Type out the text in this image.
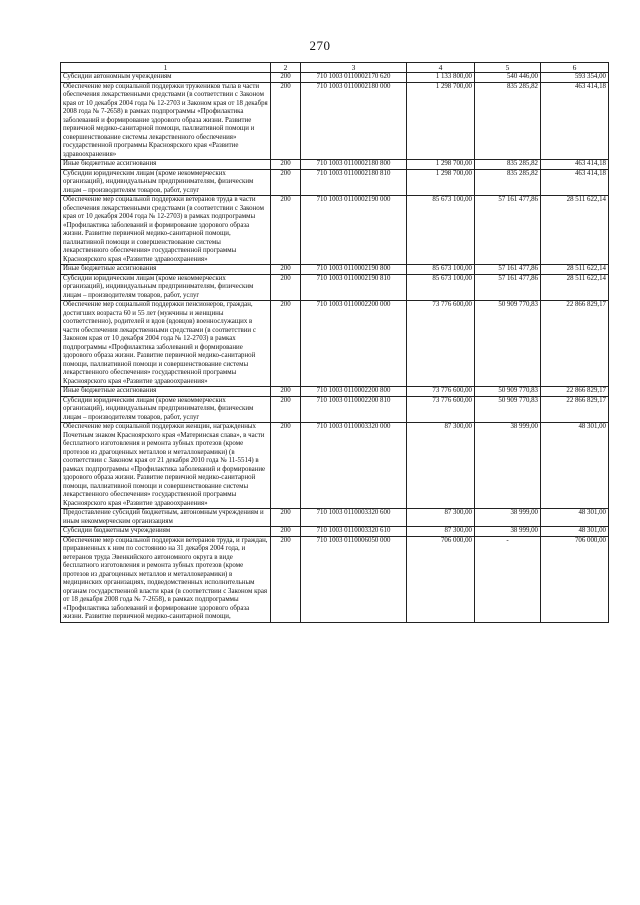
270
1	2	3	4	5	6
Субсидии автономным учреждениям	200	710 1003 0110002170 620	1 133 800,00	540 446,00	593 354,00
Обеспечение мер социальной поддержки тружеников тыла в части обеспечения лекарственными средствами (в соответствии с Законом края от 10 декабря 2004 года № 12-2703 и Законом края от 18 декабря 2008 года № 7-2658) в рамках подпрограммы «Профилактика заболеваний и формирование здорового образа жизни. Развитие первичной медико-санитарной помощи, паллиативной помощи и совершенствование системы лекарственного обеспечения» государственной программы Красноярского края «Развитие здравоохранения»	200	710 1003 0110002180 000	1 298 700,00	835 285,82	463 414,18
Иные бюджетные ассигнования	200	710 1003 0110002180 800	1 298 700,00	835 285,82	463 414,18
Субсидии юридическим лицам (кроме некоммерческих организаций), индивидуальным предпринимателям, физическим лицам – производителям товаров, работ, услуг	200	710 1003 0110002180 810	1 298 700,00	835 285,82	463 414,18
Обеспечение мер социальной поддержки ветеранов труда в части обеспечения лекарственными средствами (в соответствии с Законом края от 10 декабря 2004 года № 12-2703) в рамках подпрограммы «Профилактика заболеваний и формирование здорового образа жизни. Развитие первичной медико-санитарной помощи, паллиативной помощи и совершенствование системы лекарственного обеспечения» государственной программы Красноярского края «Развитие здравоохранения»	200	710 1003 0110002190 000	85 673 100,00	57 161 477,86	28 511 622,14
Иные бюджетные ассигнования	200	710 1003 0110002190 800	85 673 100,00	57 161 477,86	28 511 622,14
Субсидии юридическим лицам (кроме некоммерческих организаций), индивидуальным предпринимателям, физическим лицам – производителям товаров, работ, услуг	200	710 1003 0110002190 810	85 673 100,00	57 161 477,86	28 511 622,14
Обеспечение мер социальной поддержки пенсионеров, граждан, достигших возраста 60 и 55 лет (мужчины и женщины соответственно), родителей и вдов (вдовцов) военнослужащих в части обеспечения лекарственными средствами (в соответствии с Законом края от 10 декабря 2004 года № 12-2703) в рамках подпрограммы «Профилактика заболеваний и формирование здорового образа жизни. Развитие первичной медико-санитарной помощи, паллиативной помощи и совершенствование системы лекарственного обеспечения» государственной программы Красноярского края «Развитие здравоохранения»	200	710 1003 0110002200 000	73 776 600,00	50 909 770,83	22 866 829,17
Иные бюджетные ассигнования	200	710 1003 0110002200 800	73 776 600,00	50 909 770,83	22 866 829,17
Субсидии юридическим лицам (кроме некоммерческих организаций), индивидуальным предпринимателям, физическим лицам – производителям товаров, работ, услуг	200	710 1003 0110002200 810	73 776 600,00	50 909 770,83	22 866 829,17
Обеспечение мер социальной поддержки женщин, награжденных Почетным знаком Красноярского края «Материнская слава», в части бесплатного изготовления и ремонта зубных протезов (кроме протезов из драгоценных металлов и металлокерамики) (в соответствии с Законом края от 21 декабря 2010 года № 11-5514) в рамках подпрограммы «Профилактика заболеваний и формирование здорового образа жизни. Развитие первичной медико-санитарной помощи, паллиативной помощи и совершенствование системы лекарственного обеспечения» государственной программы Красноярского края «Развитие здравоохранения»	200	710 1003 0110003320 000	87 300,00	38 999,00	48 301,00
Предоставление субсидий бюджетным, автономным учреждениям и иным некоммерческим организациям	200	710 1003 0110003320 600	87 300,00	38 999,00	48 301,00
Субсидии бюджетным учреждениям	200	710 1003 0110003320 610	87 300,00	38 999,00	48 301,00
Обеспечение мер социальной поддержки ветеранов труда, и граждан, приравненных к ним по состоянию на 31 декабря 2004 года, и ветеранов труда Эвенкийского автономного округа в виде бесплатного изготовления и ремонта зубных протезов (кроме протезов из драгоценных металлов и металлокерамики) в медицинских организациях, подведомственных исполнительным органам государственной власти края (в соответствии с Законом края от 18 декабря 2008 года № 7-2658), в рамках подпрограммы «Профилактика заболеваний и формирование здорового образа жизни. Развитие первичной медико-санитарной помощи,	200	710 1003 0110006050 000	706 000,00	-	706 000,00
